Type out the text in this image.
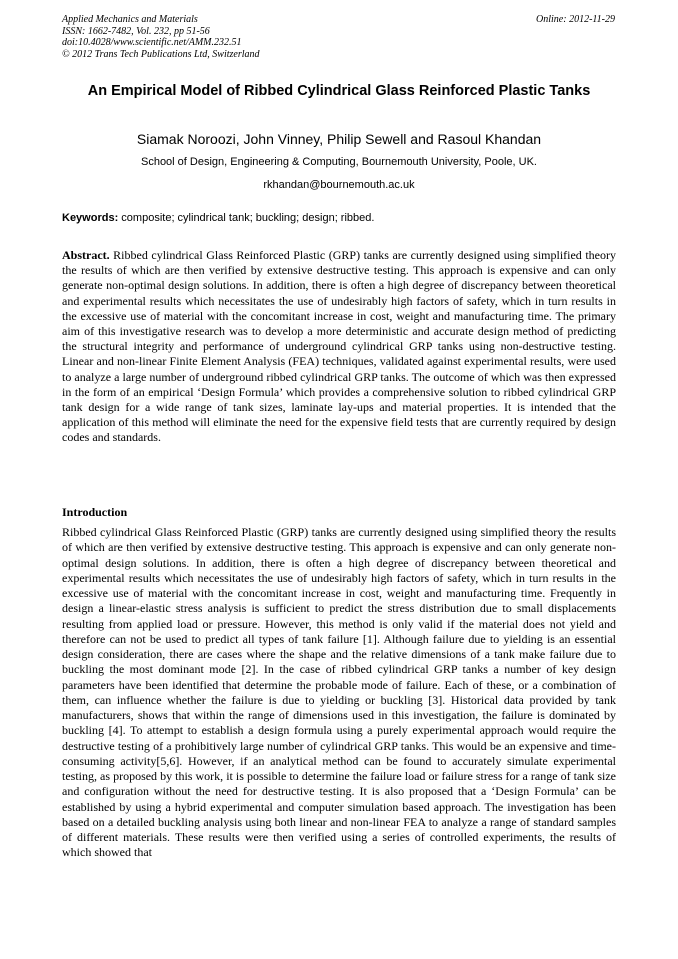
Applied Mechanics and Materials
ISSN: 1662-7482, Vol. 232, pp 51-56
doi:10.4028/www.scientific.net/AMM.232.51
© 2012 Trans Tech Publications Ltd, Switzerland
Online: 2012-11-29
An Empirical Model of Ribbed Cylindrical Glass Reinforced Plastic Tanks
Siamak Noroozi, John Vinney, Philip Sewell and Rasoul Khandan
School of Design, Engineering & Computing, Bournemouth University, Poole, UK.
rkhandan@bournemouth.ac.uk
Keywords: composite; cylindrical tank; buckling; design; ribbed.

Abstract. Ribbed cylindrical Glass Reinforced Plastic (GRP) tanks are currently designed using simplified theory the results of which are then verified by extensive destructive testing. This approach is expensive and can only generate non-optimal design solutions. In addition, there is often a high degree of discrepancy between theoretical and experimental results which necessitates the use of undesirably high factors of safety, which in turn results in the excessive use of material with the concomitant increase in cost, weight and manufacturing time. The primary aim of this investigative research was to develop a more deterministic and accurate design method of predicting the structural integrity and performance of underground cylindrical GRP tanks using non-destructive testing. Linear and non-linear Finite Element Analysis (FEA) techniques, validated against experimental results, were used to analyze a large number of underground ribbed cylindrical GRP tanks. The outcome of which was then expressed in the form of an empirical ‘Design Formula’ which provides a comprehensive solution to ribbed cylindrical GRP tank design for a wide range of tank sizes, laminate lay-ups and material properties. It is intended that the application of this method will eliminate the need for the expensive field tests that are currently required by design codes and standards.

Introduction

Ribbed cylindrical Glass Reinforced Plastic (GRP) tanks are currently designed using simplified theory the results of which are then verified by extensive destructive testing. This approach is expensive and can only generate non-optimal design solutions. In addition, there is often a high degree of discrepancy between theoretical and experimental results which necessitates the use of undesirably high factors of safety, which in turn results in the excessive use of material with the concomitant increase in cost, weight and manufacturing time. Frequently in design a linear-elastic stress analysis is sufficient to predict the stress distribution due to small displacements resulting from applied load or pressure. However, this method is only valid if the material does not yield and therefore can not be used to predict all types of tank failure [1]. Although failure due to yielding is an essential design consideration, there are cases where the shape and the relative dimensions of a tank make failure due to buckling the most dominant mode [2]. In the case of ribbed cylindrical GRP tanks a number of key design parameters have been identified that determine the probable mode of failure. Each of these, or a combination of them, can influence whether the failure is due to yielding or buckling [3]. Historical data provided by tank manufacturers, shows that within the range of dimensions used in this investigation, the failure is dominated by buckling [4]. To attempt to establish a design formula using a purely experimental approach would require the destructive testing of a prohibitively large number of cylindrical GRP tanks. This would be an expensive and time-consuming activity[5,6]. However, if an analytical method can be found to accurately simulate experimental testing, as proposed by this work, it is possible to determine the failure load or failure stress for a range of tank size and configuration without the need for destructive testing. It is also proposed that a ‘Design Formula’ can be established by using a hybrid experimental and computer simulation based approach. The investigation has been based on a detailed buckling analysis using both linear and non-linear FEA to analyze a range of standard samples of different materials. These results were then verified using a series of controlled experiments, the results of which showed that
